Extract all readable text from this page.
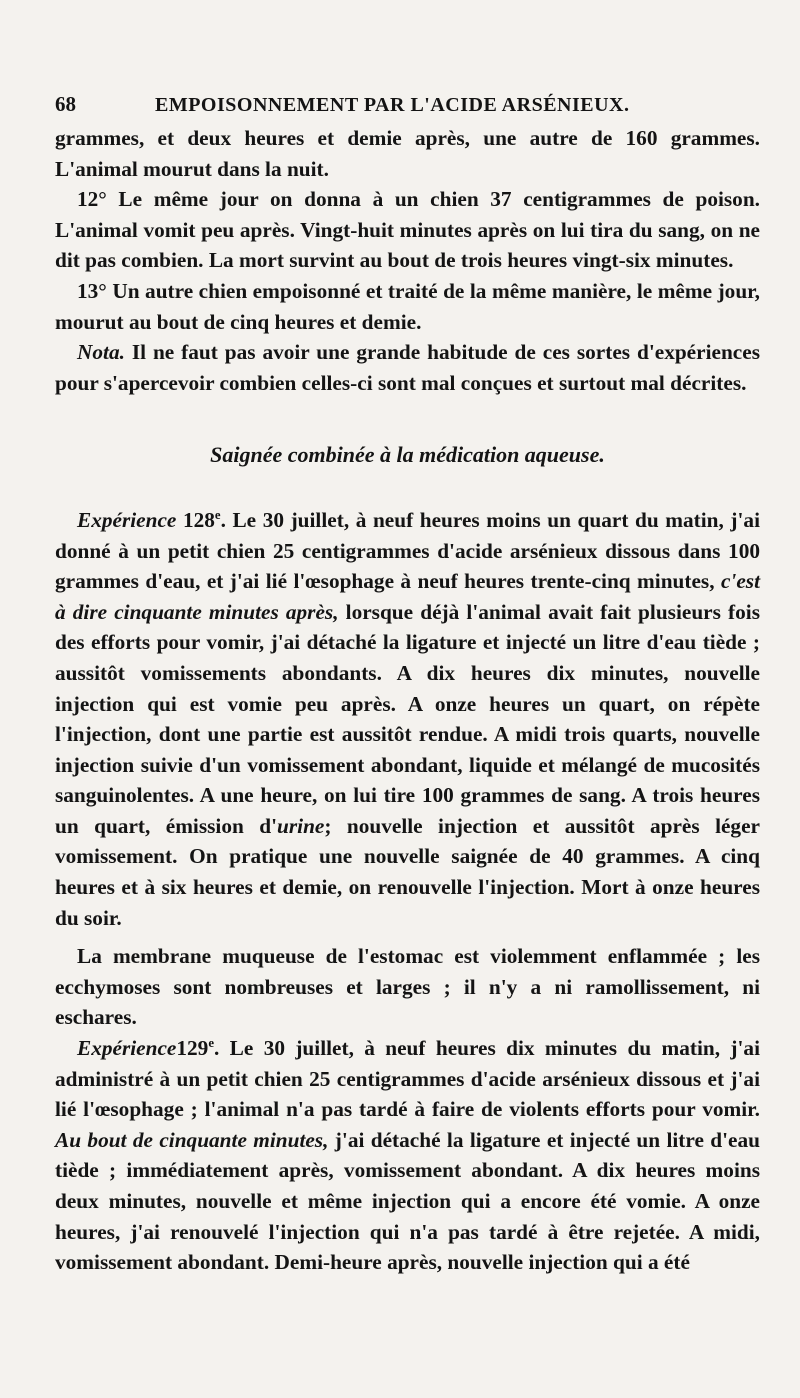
68	EMPOISONNEMENT PAR L'ACIDE ARSÉNIEUX.

grammes, et deux heures et demie après, une autre de 160 grammes. L'animal mourut dans la nuit.

12° Le même jour on donna à un chien 37 centigrammes de poison. L'animal vomit peu après. Vingt-huit minutes après on lui tira du sang, on ne dit pas combien. La mort survint au bout de trois heures vingt-six minutes.

13° Un autre chien empoisonné et traité de la même manière, le même jour, mourut au bout de cinq heures et demie.

Nota. Il ne faut pas avoir une grande habitude de ces sortes d'expériences pour s'apercevoir combien celles-ci sont mal conçues et surtout mal décrites.

Saignée combinée à la médication aqueuse.

Expérience 128e. Le 30 juillet, à neuf heures moins un quart du matin, j'ai donné à un petit chien 25 centigrammes d'acide arsénieux dissous dans 100 grammes d'eau, et j'ai lié l'œsophage à neuf heures trente-cinq minutes, c'est à dire cinquante minutes après, lorsque déjà l'animal avait fait plusieurs fois des efforts pour vomir, j'ai détaché la ligature et injecté un litre d'eau tiède ; aussitôt vomissements abondants. A dix heures dix minutes, nouvelle injection qui est vomie peu après. A onze heures un quart, on répète l'injection, dont une partie est aussitôt rendue. A midi trois quarts, nouvelle injection suivie d'un vomissement abondant, liquide et mélangé de mucosités sanguinolentes. A une heure, on lui tire 100 grammes de sang. A trois heures un quart, émission d'urine; nouvelle injection et aussitôt après léger vomissement. On pratique une nouvelle saignée de 40 grammes. A cinq heures et à six heures et demie, on renouvelle l'injection. Mort à onze heures du soir.

La membrane muqueuse de l'estomac est violemment enflammée ; les ecchymoses sont nombreuses et larges ; il n'y a ni ramollissement, ni eschares.

Expérience129e. Le 30 juillet, à neuf heures dix minutes du matin, j'ai administré à un petit chien 25 centigrammes d'acide arsénieux dissous et j'ai lié l'œsophage ; l'animal n'a pas tardé à faire de violents efforts pour vomir. Au bout de cinquante minutes, j'ai détaché la ligature et injecté un litre d'eau tiède ; immédiatement après, vomissement abondant. A dix heures moins deux minutes, nouvelle et même injection qui a encore été vomie. A onze heures, j'ai renouvelé l'injection qui n'a pas tardé à être rejetée. A midi, vomissement abondant. Demi-heure après, nouvelle injection qui a été
